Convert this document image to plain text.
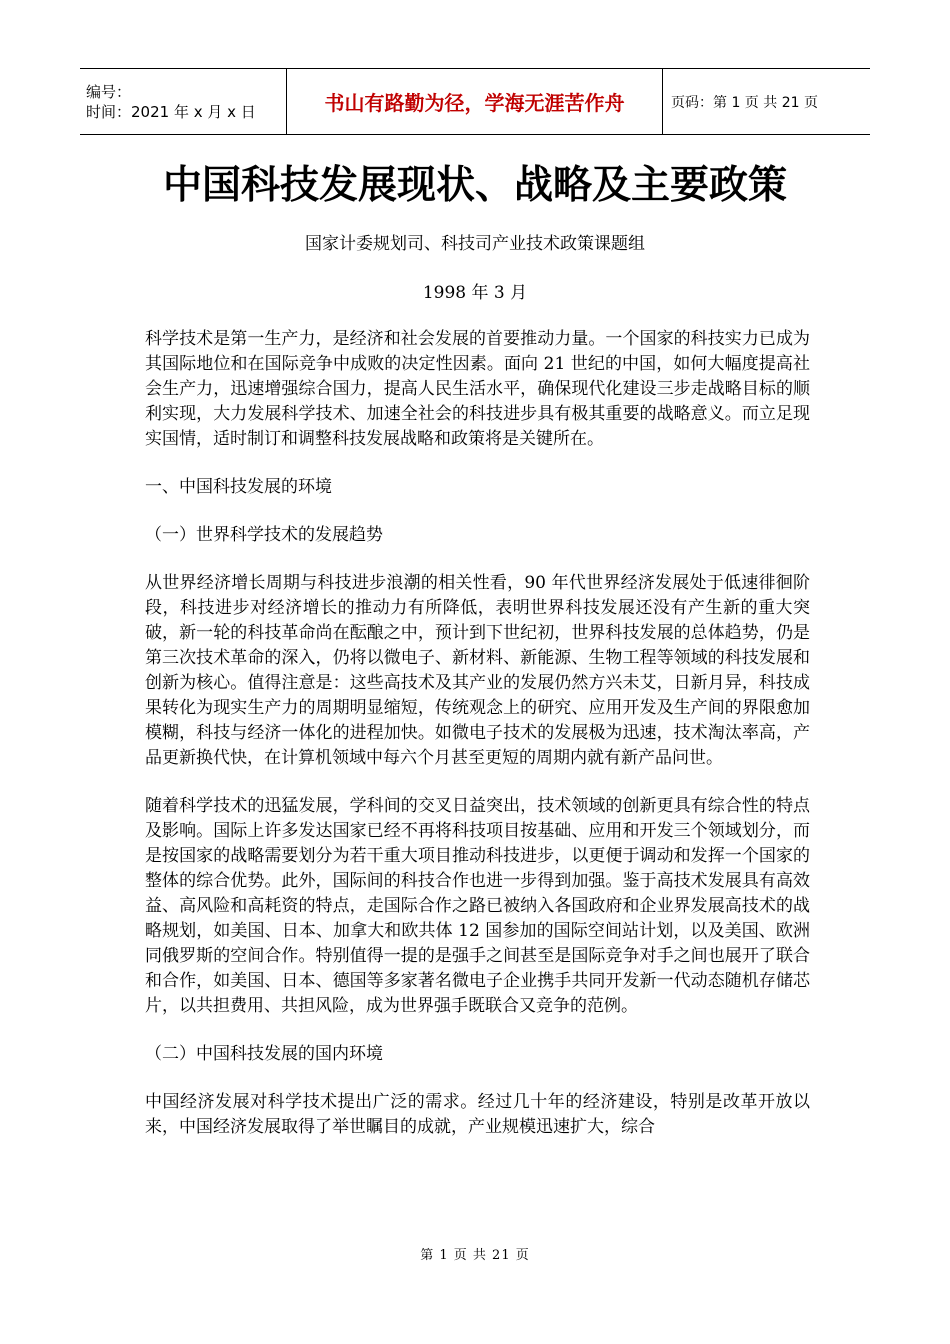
编号：
时间：2021 年 x 月 x 日	书山有路勤为径，学海无涯苦作舟	页码：第 1 页 共 21 页
中国科技发展现状、战略及主要政策

国家计委规划司、科技司产业技术政策课题组

1998 年 3 月

科学技术是第一生产力，是经济和社会发展的首要推动力量。一个国家的科技实力已成为其国际地位和在国际竞争中成败的决定性因素。面向 21 世纪的中国，如何大幅度提高社会生产力，迅速增强综合国力，提高人民生活水平，确保现代化建设三步走战略目标的顺利实现，大力发展科学技术、加速全社会的科技进步具有极其重要的战略意义。而立足现实国情，适时制订和调整科技发展战略和政策将是关键所在。

一、中国科技发展的环境

（一）世界科学技术的发展趋势

从世界经济增长周期与科技进步浪潮的相关性看，90 年代世界经济发展处于低速徘徊阶段，科技进步对经济增长的推动力有所降低，表明世界科技发展还没有产生新的重大突破，新一轮的科技革命尚在酝酿之中，预计到下世纪初，世界科技发展的总体趋势，仍是第三次技术革命的深入，仍将以微电子、新材料、新能源、生物工程等领域的科技发展和创新为核心。值得注意是：这些高技术及其产业的发展仍然方兴未艾，日新月异，科技成果转化为现实生产力的周期明显缩短，传统观念上的研究、应用开发及生产间的界限愈加模糊，科技与经济一体化的进程加快。如微电子技术的发展极为迅速，技术淘汰率高，产品更新换代快，在计算机领域中每六个月甚至更短的周期内就有新产品问世。

随着科学技术的迅猛发展，学科间的交叉日益突出，技术领域的创新更具有综合性的特点及影响。国际上许多发达国家已经不再将科技项目按基础、应用和开发三个领域划分，而是按国家的战略需要划分为若干重大项目推动科技进步，以更便于调动和发挥一个国家的整体的综合优势。此外，国际间的科技合作也进一步得到加强。鉴于高技术发展具有高效益、高风险和高耗资的特点，走国际合作之路已被纳入各国政府和企业界发展高技术的战略规划，如美国、日本、加拿大和欧共体 12 国参加的国际空间站计划，以及美国、欧洲同俄罗斯的空间合作。特别值得一提的是强手之间甚至是国际竞争对手之间也展开了联合和合作，如美国、日本、德国等多家著名微电子企业携手共同开发新一代动态随机存储芯片，以共担费用、共担风险，成为世界强手既联合又竞争的范例。

（二）中国科技发展的国内环境

中国经济发展对科学技术提出广泛的需求。经过几十年的经济建设，特别是改革开放以来，中国经济发展取得了举世瞩目的成就，产业规模迅速扩大，综合

第 1 页 共 21 页
